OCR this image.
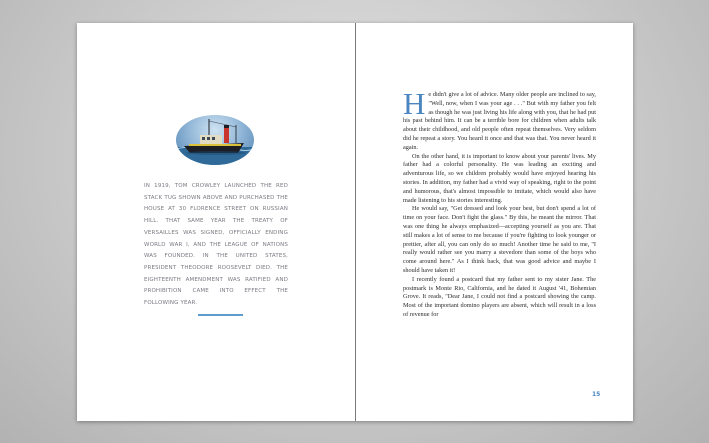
IN 1919, TOM CROWLEY LAUNCHED THE RED STACK TUG SHOWN ABOVE AND PURCHASED THE HOUSE AT 30 FLORENCE STREET ON RUSSIAN HILL. THAT SAME YEAR THE TREATY OF VERSAILLES WAS SIGNED, OFFICIALLY ENDING WORLD WAR I, AND THE LEAGUE OF NATIONS WAS FOUNDED. IN THE UNITED STATES, PRESIDENT THEODORE ROOSEVELT DIED. THE EIGHTEENTH AMENDMENT WAS RATIFIED AND PROHIBITION CAME INTO EFFECT THE FOLLOWING YEAR.

He didn't give a lot of advice. Many older people are inclined to say, "Well, now, when I was your age . . ." But with my father you felt as though he was just living his life along with you, that he had put his past behind him. It can be a terrible bore for children when adults talk about their childhood, and old people often repeat themselves. Very seldom did he repeat a story. You heard it once and that was that. You never heard it again.

On the other hand, it is important to know about your parents' lives. My father had a colorful personality. He was leading an exciting and adventurous life, so we children probably would have enjoyed hearing his stories. In addition, my father had a vivid way of speaking, right to the point and humorous, that's almost impossible to imitate, which would also have made listening to his stories interesting.

He would say, "Get dressed and look your best, but don't spend a lot of time on your face. Don't fight the glass." By this, he meant the mirror. That was one thing he always emphasized—accepting yourself as you are. That still makes a lot of sense to me because if you're fighting to look younger or prettier, after all, you can only do so much! Another time he said to me, "I really would rather see you marry a stevedore than some of the boys who come around here." As I think back, that was good advice and maybe I should have taken it!

I recently found a postcard that my father sent to my sister Jane. The postmark is Monte Rio, California, and he dated it August '41, Bohemian Grove. It reads, "Dear Jane, I could not find a postcard showing the camp. Most of the important domino players are absent, which will result in a loss of revenue for

15
